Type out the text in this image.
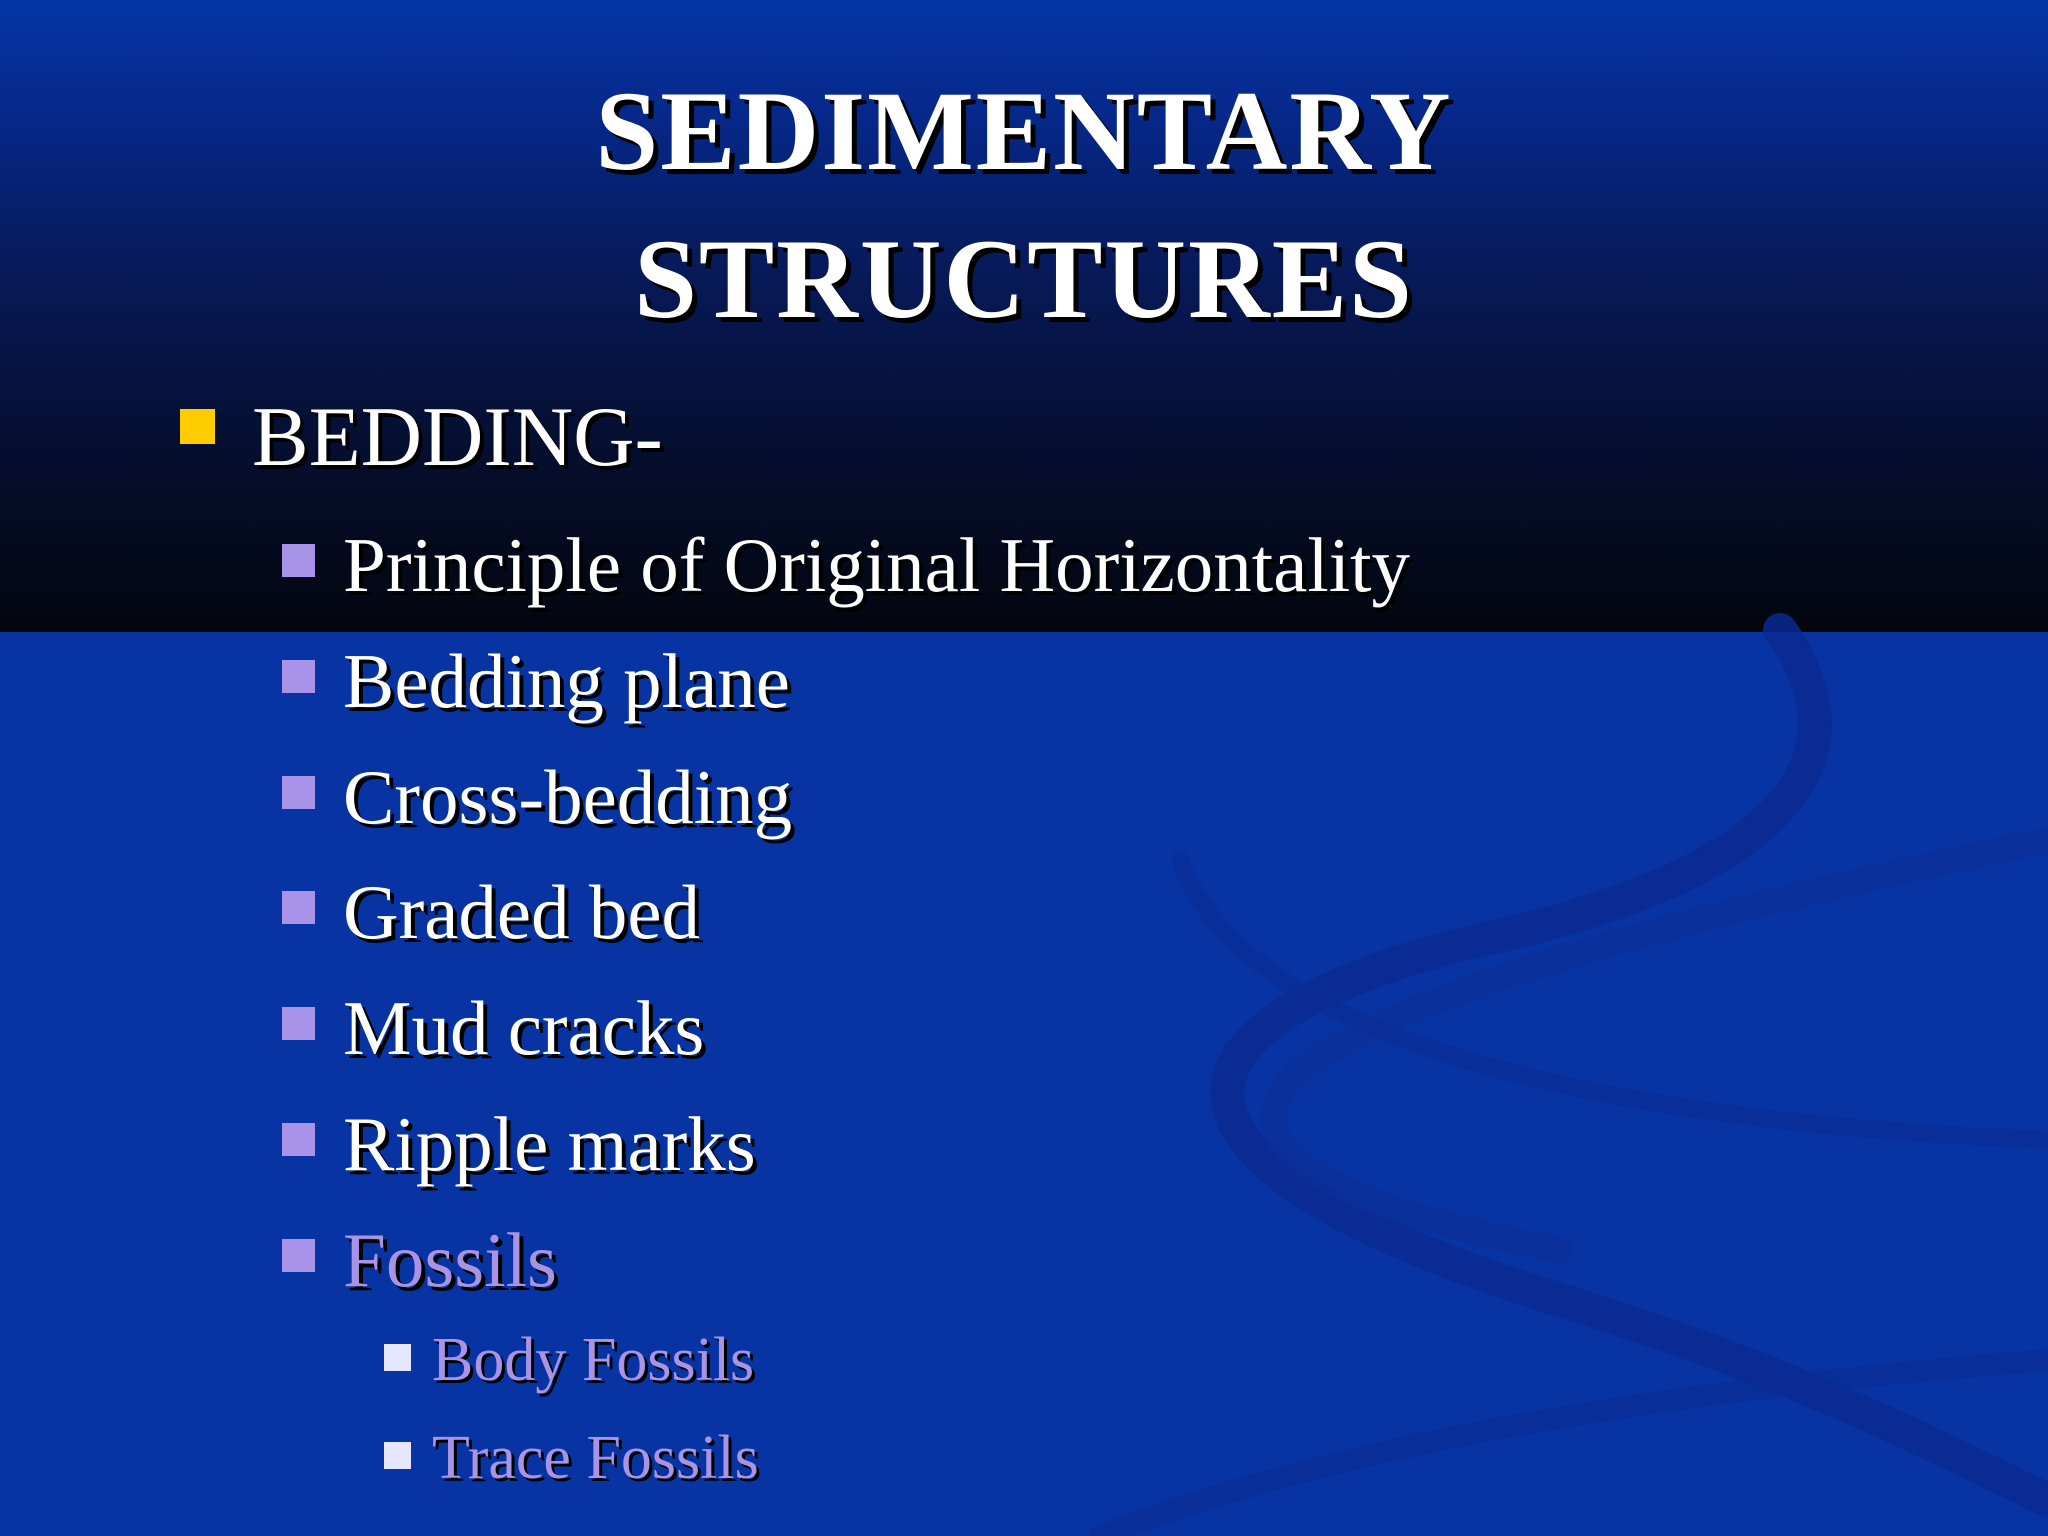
SEDIMENTARY
STRUCTURES
BEDDING-
Principle of Original Horizontality
Bedding plane
Cross-bedding
Graded bed
Mud cracks
Ripple marks
Fossils
Body Fossils
Trace Fossils
